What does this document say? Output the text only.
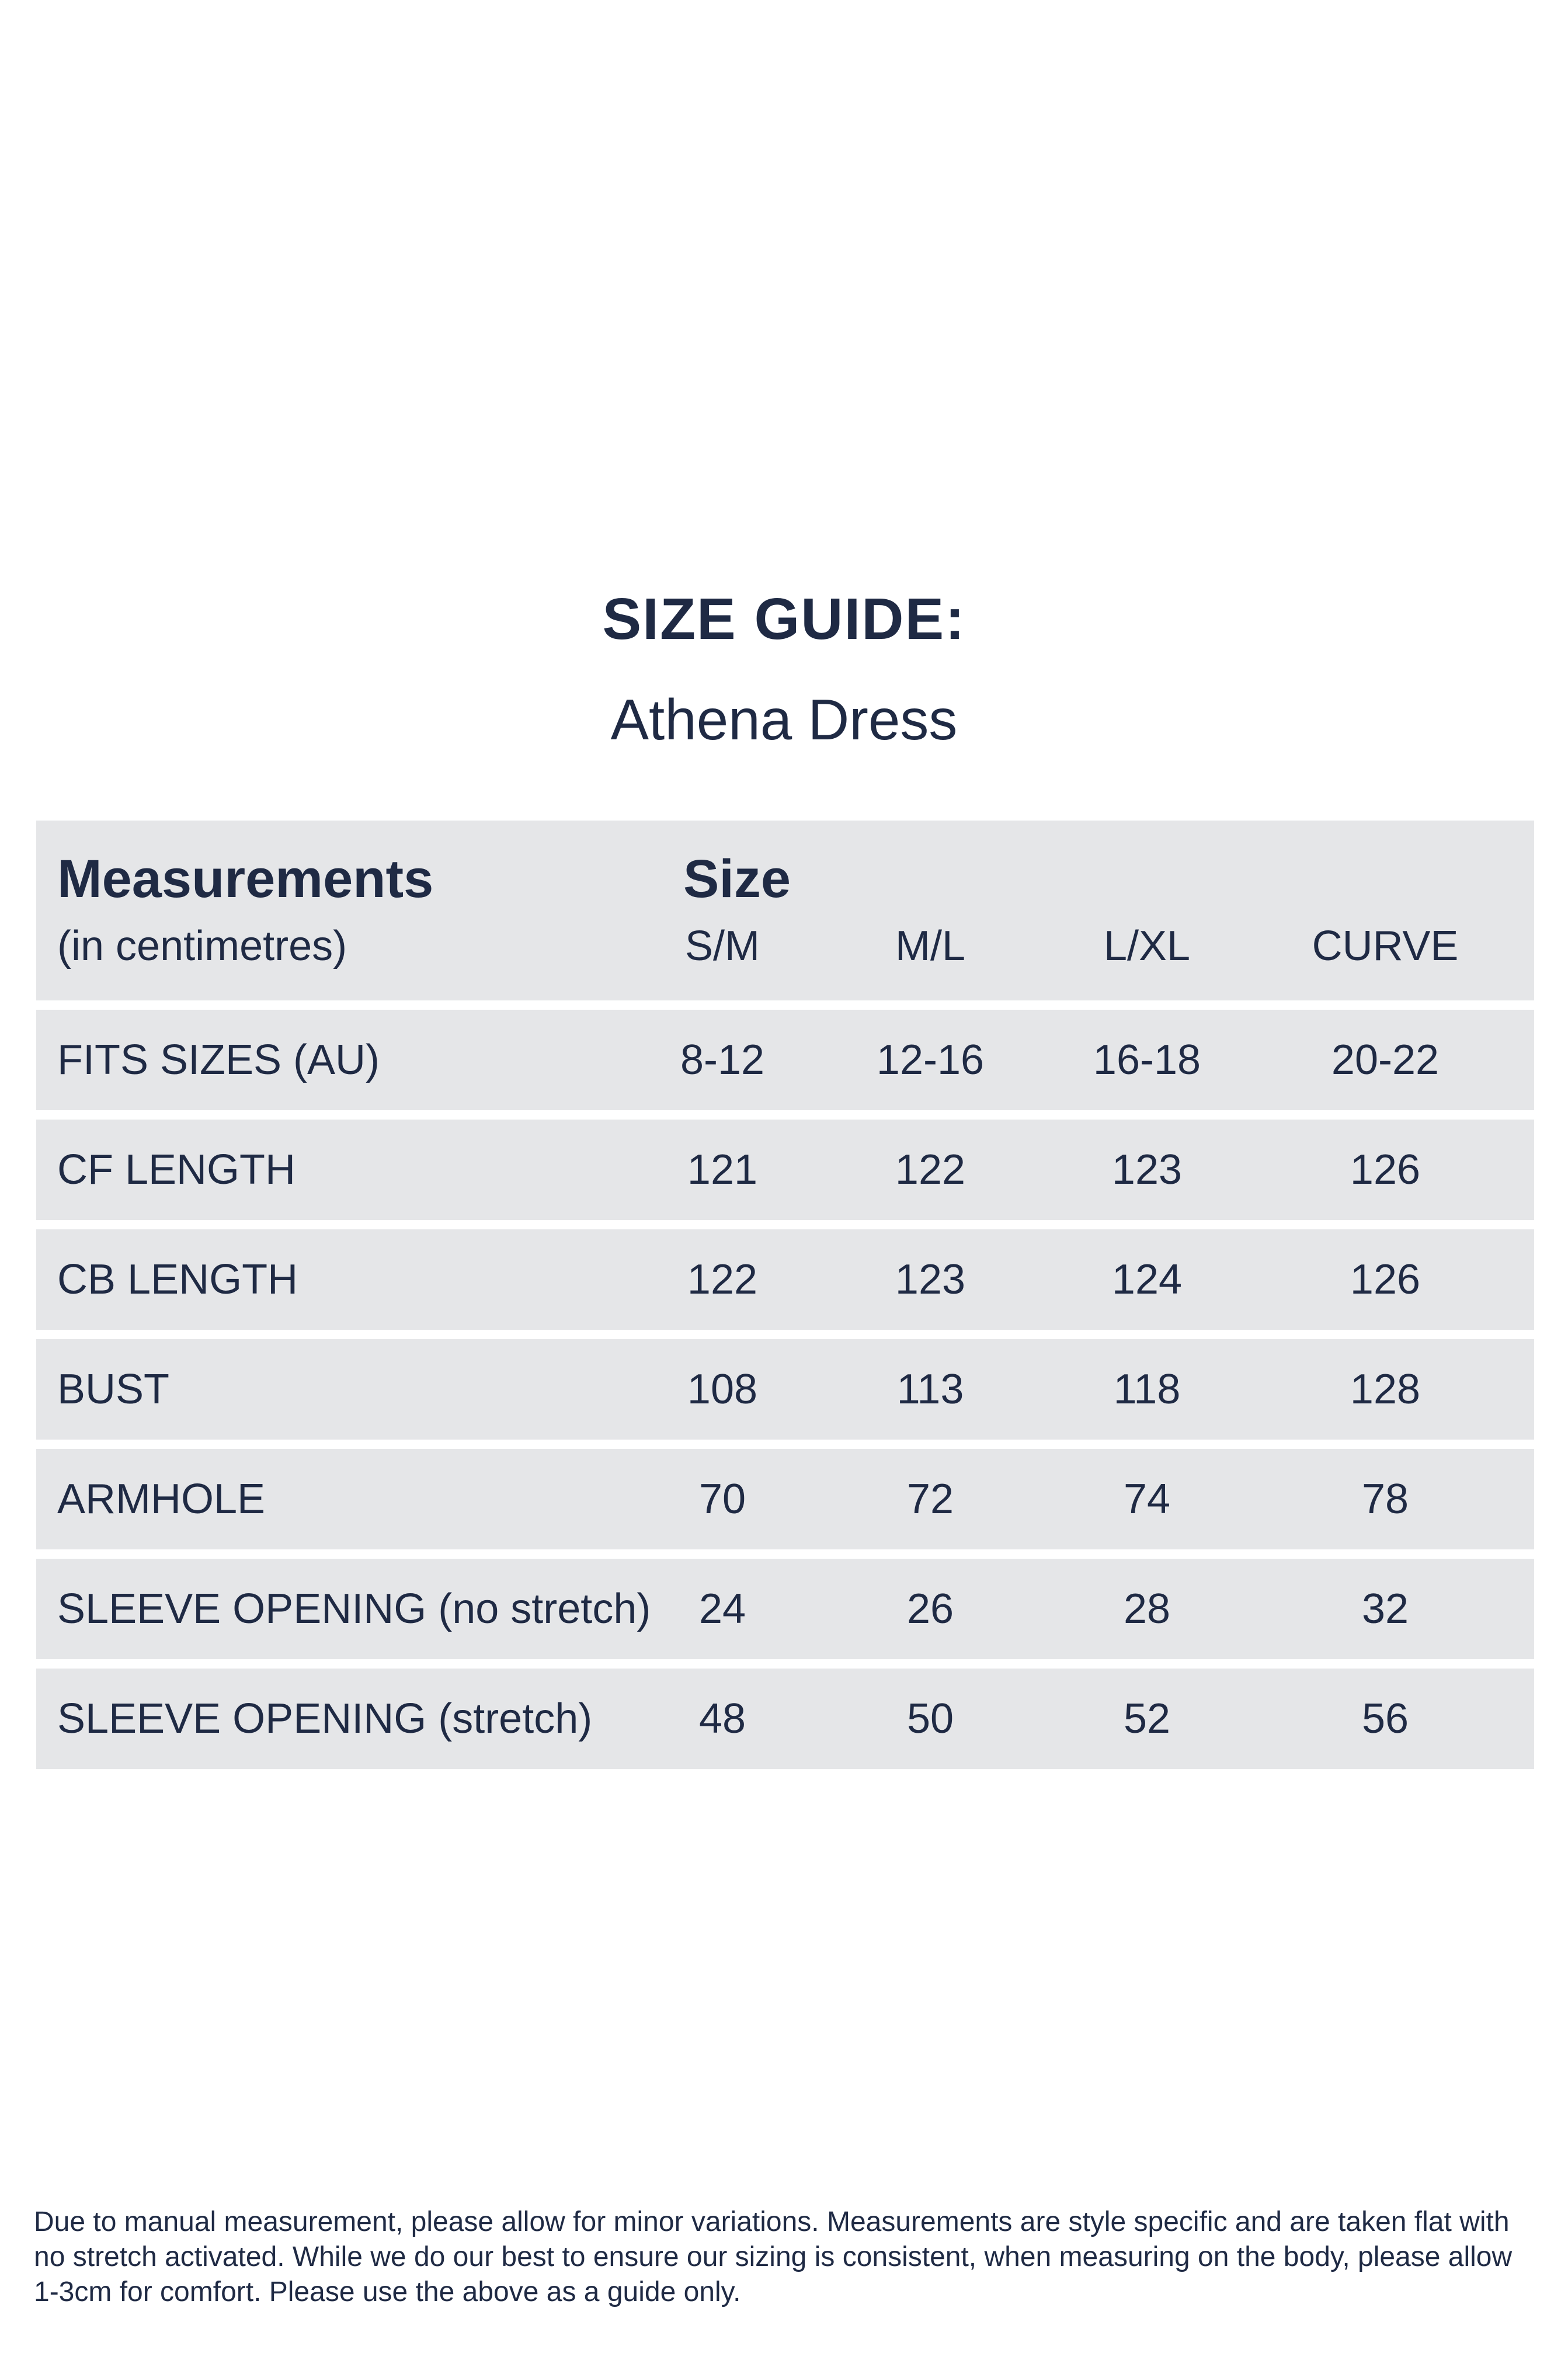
SIZE GUIDE:
Athena Dress
Measurements
(in centimetres)
Size
S/M	M/L	L/XL	CURVE
FITS SIZES (AU)	8-12	12-16	16-18	20-22
CF LENGTH	121	122	123	126
CB LENGTH	122	123	124	126
BUST	108	113	118	128
ARMHOLE	70	72	74	78
SLEEVE OPENING (no stretch)	24	26	28	32
SLEEVE OPENING (stretch)	48	50	52	56
Due to manual measurement, please allow for minor variations. Measurements are style specific and are taken flat with no stretch activated. While we do our best to ensure our sizing is consistent, when measuring on the body, please allow 1-3cm for comfort. Please use the above as a guide only.
